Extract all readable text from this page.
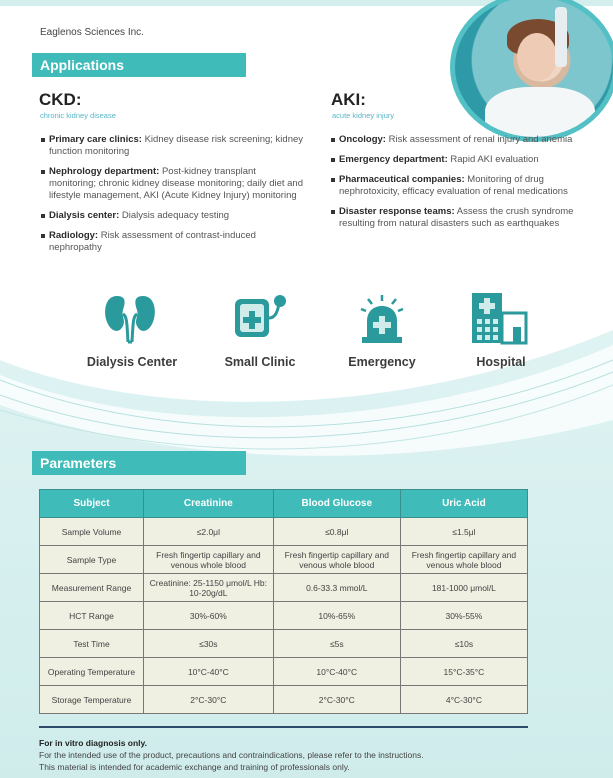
Eaglenos Sciences Inc.
Applications
CKD:
chronic kidney disease
Primary care clinics: Kidney disease risk screening; kidney function monitoring
Nephrology department: Post-kidney transplant monitoring; chronic kidney disease monitoring; daily diet and lifestyle management, AKI (Acute Kidney Injury) monitoring
Dialysis center: Dialysis adequacy testing
Radiology: Risk assessment of contrast-induced nephropathy
AKI:
acute kidney injury
Oncology: Risk assessment of renal injury and anemia
Emergency department: Rapid AKI evaluation
Pharmaceutical companies: Monitoring of drug nephrotoxicity, efficacy evaluation of renal medications
Disaster response teams: Assess the crush syndrome resulting from natural disasters such as earthquakes
Dialysis Center	Small Clinic	Emergency	Hospital
Parameters
Subject	Creatinine	Blood Glucose	Uric Acid
Sample Volume	≤2.0μl	≤0.8μl	≤1.5μl
Sample Type	Fresh fingertip capillary and venous whole blood	Fresh fingertip capillary and venous whole blood	Fresh fingertip capillary and venous whole blood
Measurement Range	Creatinine: 25-1150 μmol/L Hb: 10-20g/dL	0.6-33.3 mmol/L	181-1000 μmol/L
HCT Range	30%-60%	10%-65%	30%-55%
Test Time	≤30s	≤5s	≤10s
Operating Temperature	10°C-40°C	10°C-40°C	15°C-35°C
Storage Temperature	2°C-30°C	2°C-30°C	4°C-30°C
For in vitro diagnosis only.
For the intended use of the product, precautions and contraindications, please refer to the instructions.
This material is intended for academic exchange and training of professionals only.
